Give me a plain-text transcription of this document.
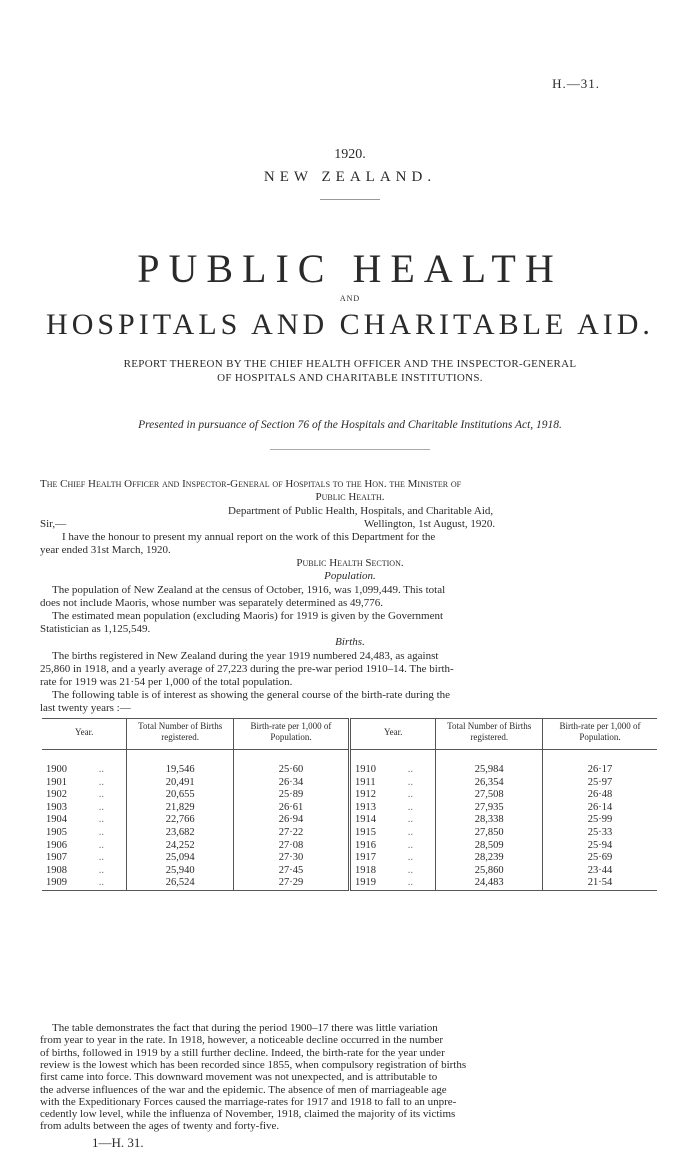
H.—31.
1920.
NEW ZEALAND.
PUBLIC HEALTH
AND
HOSPITALS AND CHARITABLE AID.
REPORT THEREON BY THE CHIEF HEALTH OFFICER AND THE INSPECTOR-GENERAL
OF HOSPITALS AND CHARITABLE INSTITUTIONS.
Presented in pursuance of Section 76 of the Hospitals and Charitable Institutions Act, 1918.
The Chief Health Officer and Inspector-General of Hospitals to the Hon. the Minister of
Public Health.
Department of Public Health, Hospitals, and Charitable Aid,
Sir,—	Wellington, 1st August, 1920.
I have the honour to present my annual report on the work of this Department for the
year ended 31st March, 1920.
Public Health Section.
Population.
The population of New Zealand at the census of October, 1916, was 1,099,449. This total
does not include Maoris, whose number was separately determined as 49,776.
The estimated mean population (excluding Maoris) for 1919 is given by the Government
Statistician as 1,125,549.
Births.
The births registered in New Zealand during the year 1919 numbered 24,483, as against
25,860 in 1918, and a yearly average of 27,223 during the pre-war period 1910–14. The birth-
rate for 1919 was 21·54 per 1,000 of the total population.
The following table is of interest as showing the general course of the birth-rate during the
last twenty years :—
Year.		Total Number of Births registered.	Birth-rate per 1,000 of Population.	Year.		Total Number of Births registered.	Birth-rate per 1,000 of Population.
1900	..	19,546	25·60	1910	..	25,984	26·17
1901	..	20,491	26·34	1911	..	26,354	25·97
1902	..	20,655	25·89	1912	..	27,508	26·48
1903	..	21,829	26·61	1913	..	27,935	26·14
1904	..	22,766	26·94	1914	..	28,338	25·99
1905	..	23,682	27·22	1915	..	27,850	25·33
1906	..	24,252	27·08	1916	..	28,509	25·94
1907	..	25,094	27·30	1917	..	28,239	25·69
1908	..	25,940	27·45	1918	..	25,860	23·44
1909	..	26,524	27·29	1919	..	24,483	21·54
The table demonstrates the fact that during the period 1900–17 there was little variation
from year to year in the rate. In 1918, however, a noticeable decline occurred in the number
of births, followed in 1919 by a still further decline. Indeed, the birth-rate for the year under
review is the lowest which has been recorded since 1855, when compulsory registration of births
first came into force. This downward movement was not unexpected, and is attributable to
the adverse influences of the war and the epidemic. The absence of men of marriageable age
with the Expeditionary Forces caused the marriage-rates for 1917 and 1918 to fall to an unpre-
cedently low level, while the influenza of November, 1918, claimed the majority of its victims
from adults between the ages of twenty and forty-five.
1—H. 31.
